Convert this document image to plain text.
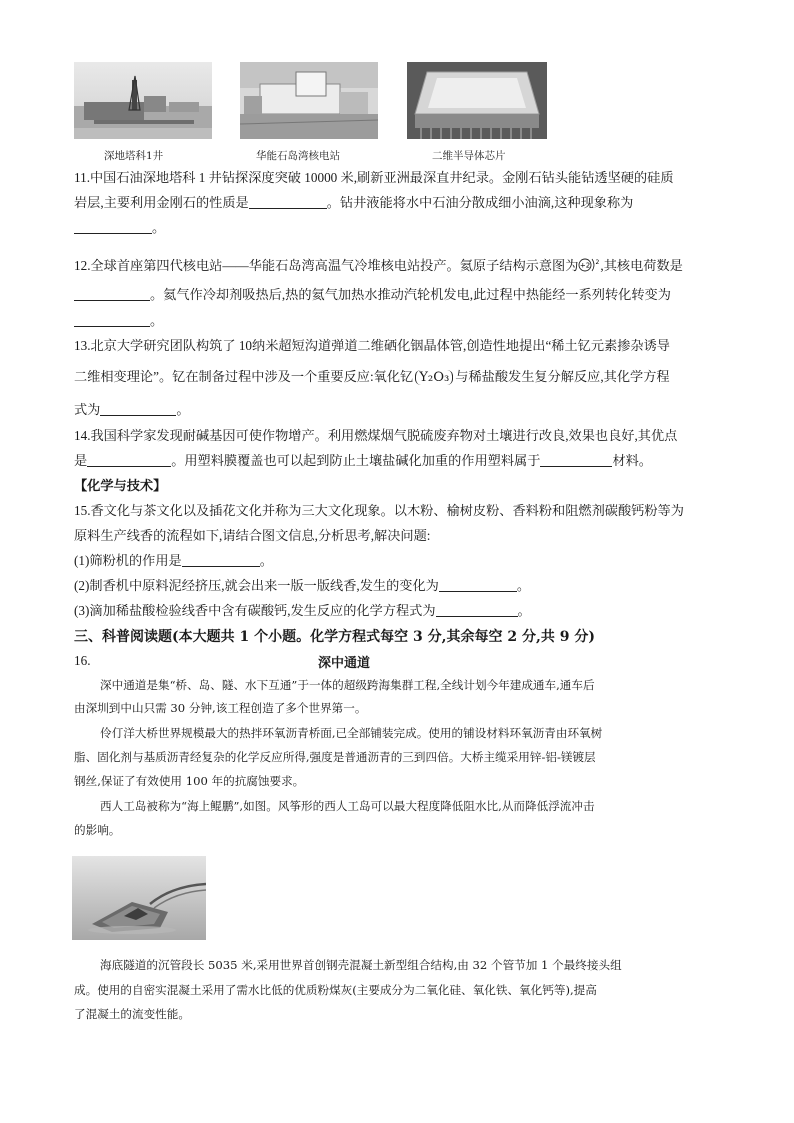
深地塔科1井	华能石岛湾核电站	二维半导体芯片
11.中国石油深地塔科 1 井钻探深度突破 10000 米,刷新亚洲最深直井纪录。金刚石钻头能钻透坚硬的硅质
岩层,主要利用金刚石的性质是	。钻井液能将水中石油分散成细小油滴,这种现象称为
。
12.全球首座第四代核电站——华能石岛湾高温气冷堆核电站投产。氦原子结构示意图为 +2 2 ,其核电荷数是
。氦气作冷却剂吸热后,热的氦气加热水推动汽轮机发电,此过程中热能经一系列转化转变为
。
13.北京大学研究团队构筑了 10纳米超短沟道弹道二维硒化铟晶体管,创造性地提出“稀土钇元素掺杂诱导
二维相变理论”。钇在制备过程中涉及一个重要反应:氧化钇 Y₂O₃ 与稀盐酸发生复分解反应,其化学方程
式为	。
14.我国科学家发现耐碱基因可使作物增产。利用燃煤烟气脱硫废弃物对土壤进行改良,效果也良好,其优点
是	。用塑料膜覆盖也可以起到防止土壤盐碱化加重的作用塑料属于	材料。
【化学与技术】
15.香文化与茶文化以及插花文化并称为三大文化现象。以木粉、榆树皮粉、香料粉和阻燃剂碳酸钙粉等为
原料生产线香的流程如下,请结合图文信息,分析思考,解决问题:
(1)筛粉机的作用是	。
(2)制香机中原料泥经挤压,就会出来一版一版线香,发生的变化为	。
(3)滴加稀盐酸检验线香中含有碳酸钙,发生反应的化学方程式为	。
三、科普阅读题(本大题共 1 个小题。化学方程式每空 3 分,其余每空 2 分,共 9 分)
16.	深中通道
深中通道是集“桥、岛、隧、水下互通”于一体的超级跨海集群工程,全线计划今年建成通车,通车后
由深圳到中山只需 30 分钟,该工程创造了多个世界第一。
伶仃洋大桥世界规模最大的热拌环氧沥青桥面,已全部铺装完成。使用的铺设材料环氧沥青由环氧树
脂、固化剂与基质沥青经复杂的化学反应所得,强度是普通沥青的三到四倍。大桥主缆采用锌-铝-镁镀层
钢丝,保证了有效使用 100 年的抗腐蚀要求。
西人工岛被称为“海上鲲鹏”,如图。风筝形的西人工岛可以最大程度降低阻水比,从而降低浮流冲击
的影响。
海底隧道的沉管段长 5035 米,采用世界首创钢壳混凝土新型组合结构,由 32 个管节加 1 个最终接头组
成。使用的自密实混凝土采用了需水比低的优质粉煤灰(主要成分为二氧化硅、氧化铁、氧化钙等),提高
了混凝土的流变性能。
